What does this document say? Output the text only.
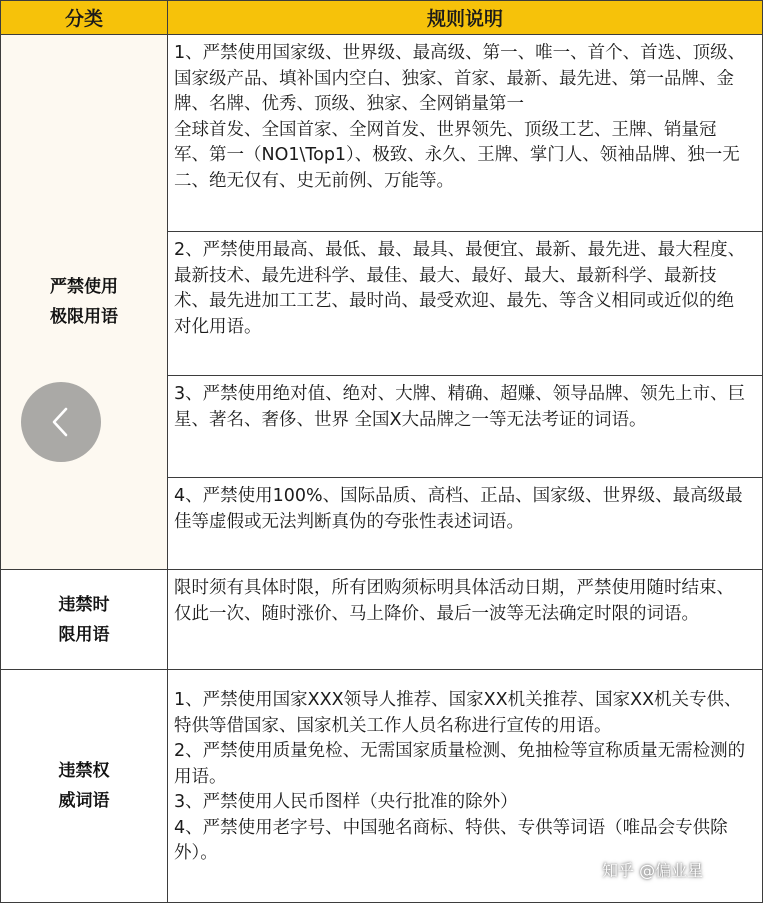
分类	规则说明
严禁使用
极限用语	1、严禁使用国家级、世界级、最高级、第一、唯一、首个、首选、顶级、国家级产品、填补国内空白、独家、首家、最新、最先进、第一品牌、金牌、名牌、优秀、顶级、独家、全网销量第一
全球首发、全国首家、全网首发、世界领先、顶级工艺、王牌、销量冠军、第一（NO1\Top1）、极致、永久、王牌、掌门人、领袖品牌、独一无二、绝无仅有、史无前例、万能等。

	2、严禁使用最高、最低、最、最具、最便宜、最新、最先进、最大程度、最新技术、最先进科学、最佳、最大、最好、最大、最新科学、最新技术、最先进加工工艺、最时尚、最受欢迎、最先、等含义相同或近似的绝对化用语。

	3、严禁使用绝对值、绝对、大牌、精确、超赚、领导品牌、领先上市、巨星、著名、奢侈、世界 全国X大品牌之一等无法考证的词语。

	4、严禁使用100%、国际品质、高档、正品、国家级、世界级、最高级最佳等虚假或无法判断真伪的夸张性表述词语。

违禁时
限用语	限时须有具体时限，所有团购须标明具体活动日期，严禁使用随时结束、仅此一次、随时涨价、马上降价、最后一波等无法确定时限的词语。

违禁权
威词语	1、严禁使用国家XXX领导人推荐、国家XX机关推荐、国家XX机关专供、特供等借国家、国家机关工作人员名称进行宣传的用语。
2、严禁使用质量免检、无需国家质量检测、免抽检等宣称质量无需检测的用语。
3、严禁使用人民币图样（央行批准的除外）
4、严禁使用老字号、中国驰名商标、特供、专供等词语（唯品会专供除外）。

知乎 @偏业星
